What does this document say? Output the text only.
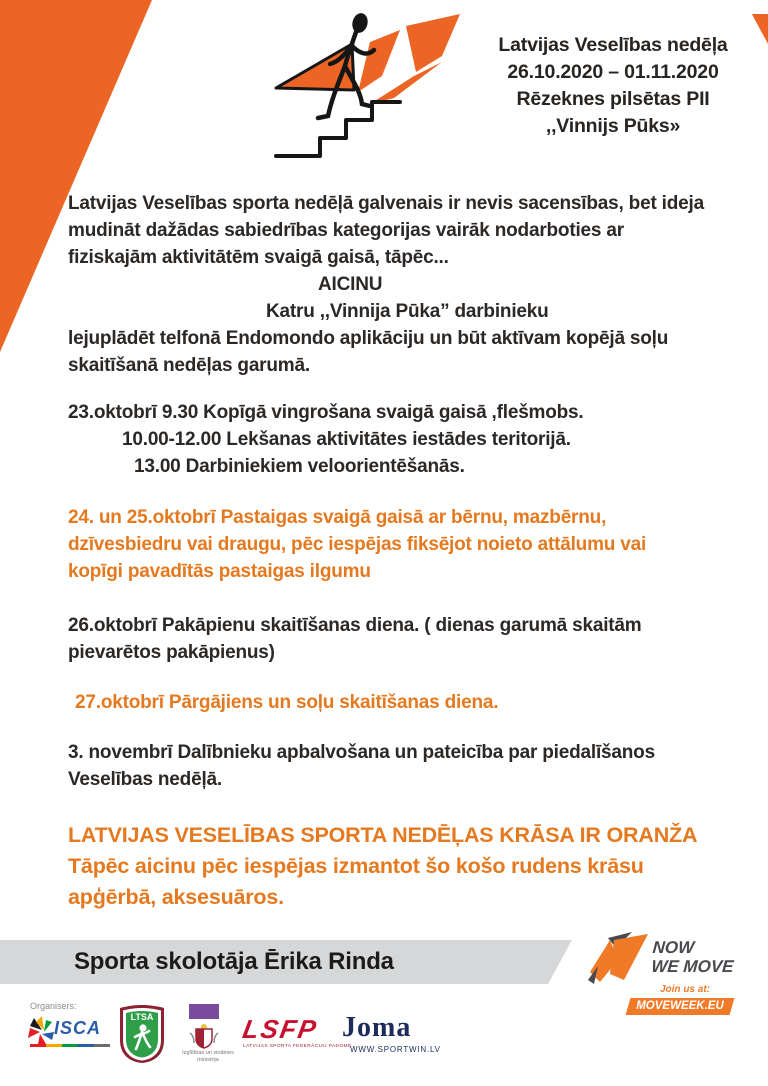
Latvijas Veselības nedēļa
26.10.2020 – 01.11.2020
Rēzeknes pilsētas PII
,,Vinnijs Pūks»
Latvijas Veselības sporta nedēļā galvenais ir nevis sacensības, bet ideja
mudināt dažādas sabiedrības kategorijas vairāk nodarboties ar
fiziskajām aktivitātēm svaigā gaisā, tāpēc...
AICINU
Katru ,,Vinnija Pūka” darbinieku
lejuplādēt telfonā Endomondo aplikāciju un būt aktīvam kopējā soļu
skaitīšanā nedēļas garumā.
23.oktobrī 9.30 Kopīgā vingrošana svaigā gaisā ,flešmobs.
10.00-12.00 Lekšanas aktivitātes iestādes teritorijā.
13.00 Darbiniekiem veloorientēšanās.
24. un 25.oktobrī Pastaigas svaigā gaisā ar bērnu, mazbērnu,
dzīvesbiedru vai draugu, pēc iespējas fiksējot noieto attālumu vai
kopīgi pavadītās pastaigas ilgumu
26.oktobrī Pakāpienu skaitīšanas diena. ( dienas garumā skaitām
pievarētos pakāpienus)
27.oktobrī Pārgājiens un soļu skaitīšanas diena.
3. novembrī Dalībnieku apbalvošana un pateicība par piedalīšanos
Veselības nedēļā.
LATVIJAS VESELĪBAS SPORTA NEDĒĻAS KRĀSA IR ORANŽA
Tāpēc aicinu pēc iespējas izmantot šo košo rudens krāsu
apģērbā, aksesuāros.
Sporta skolotāja Ērika Rinda
NOW
WE MOVE
Join us at:
MOVEWEEK.EU
Organisers:
ISCA
LTSA
Izglītības un zinātnes
ministrija
LSFP
LATVIJAS SPORTA FEDERĀCIJU PADOME
Joma
WWW.SPORTWIN.LV
